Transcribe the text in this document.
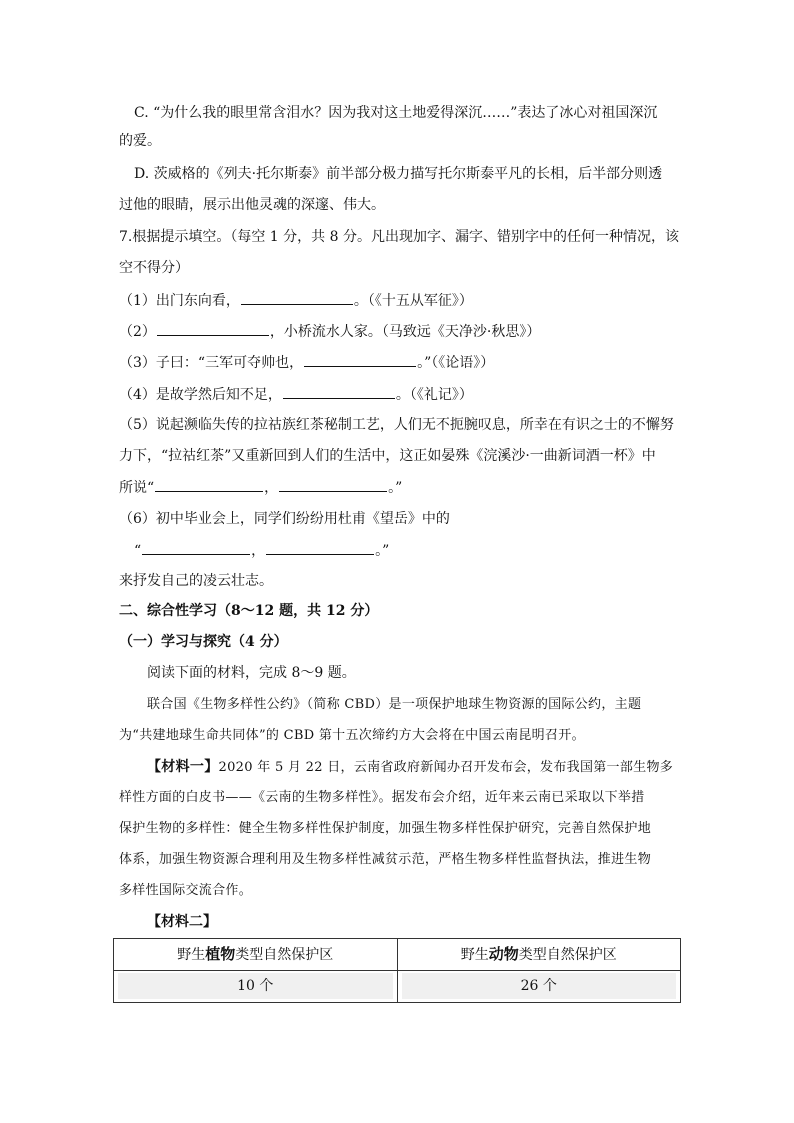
C. “为什么我的眼里常含泪水？因为我对这土地爱得深沉……”表达了冰心对祖国深沉
的爱。
D. 茨威格的《列夫·托尔斯泰》前半部分极力描写托尔斯泰平凡的长相，后半部分则透
过他的眼睛，展示出他灵魂的深邃、伟大。
7.根据提示填空。（每空 1 分，共 8 分。凡出现加字、漏字、错别字中的任何一种情况，该
空不得分）
（1）出门东向看，	。（《十五从军征》）
（2）	，小桥流水人家。（马致远《天净沙·秋思》）
（3）子曰：“三军可夺帅也，	。”（《论语》）
（4）是故学然后知不足，	。（《礼记》）
（5）说起濒临失传的拉祜族红茶秘制工艺，人们无不扼腕叹息，所幸在有识之士的不懈努
力下，“拉祜红茶”又重新回到人们的生活中，这正如晏殊《浣溪沙·一曲新词酒一杯》中
所说“	，	。”
（6）初中毕业会上，同学们纷纷用杜甫《望岳》中的
“	，	。”
来抒发自己的凌云壮志。
二、综合性学习（8～12 题，共 12 分）
（一）学习与探究（4 分）
阅读下面的材料，完成 8～9 题。
联合国《生物多样性公约》（简称 CBD）是一项保护地球生物资源的国际公约，主题
为“共建地球生命共同体”的 CBD 第十五次缔约方大会将在中国云南昆明召开。
【材料一】2020 年 5 月 22 日，云南省政府新闻办召开发布会，发布我国第一部生物多
样性方面的白皮书——《云南的生物多样性》。据发布会介绍，近年来云南已采取以下举措
保护生物的多样性：健全生物多样性保护制度，加强生物多样性保护研究，完善自然保护地
体系，加强生物资源合理利用及生物多样性减贫示范，严格生物多样性监督执法，推进生物
多样性国际交流合作。
【材料二】
野生植物类型自然保护区	野生动物类型自然保护区

10 个	26 个
